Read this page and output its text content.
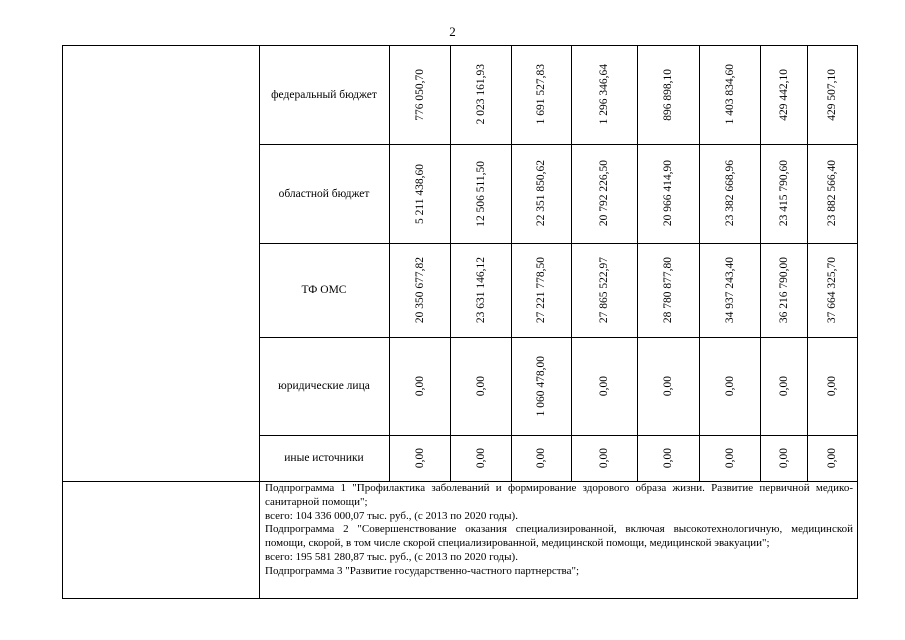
2

Подпрограмма 1 "Профилактика заболеваний и формирование здорового образа жизни. Развитие первичной медико-санитарной помощи";

всего: 104 336 000,07 тыс. руб., (с 2013 по 2020 годы).

Подпрограмма 2 "Совершенствование оказания специализированной, включая высокотехнологичную, медицинской помощи, скорой, в том числе скорой специализированной, медицинской помощи, медицинской эвакуации";

всего: 195 581 280,87 тыс. руб., (с 2013 по 2020 годы).

Подпрограмма 3 "Развитие государственно-частного партнерства";

федеральный бюджет	776 050,70	2 023 161,93	1 691 527,83	1 296 346,64	896 898,10	1 403 834,60	429 442,10	429 507,10
областной бюджет	5 211 438,60	12 506 511,50	22 351 850,62	20 792 226,50	20 966 414,90	23 382 668,96	23 415 790,60	23 882 566,40
ТФ ОМС	20 350 677,82	23 631 146,12	27 221 778,50	27 865 522,97	28 780 877,80	34 937 243,40	36 216 790,00	37 664 325,70
юридические лица	0,00	0,00	1 060 478,00	0,00	0,00	0,00	0,00	0,00
иные источники	0,00	0,00	0,00	0,00	0,00	0,00	0,00	0,00
